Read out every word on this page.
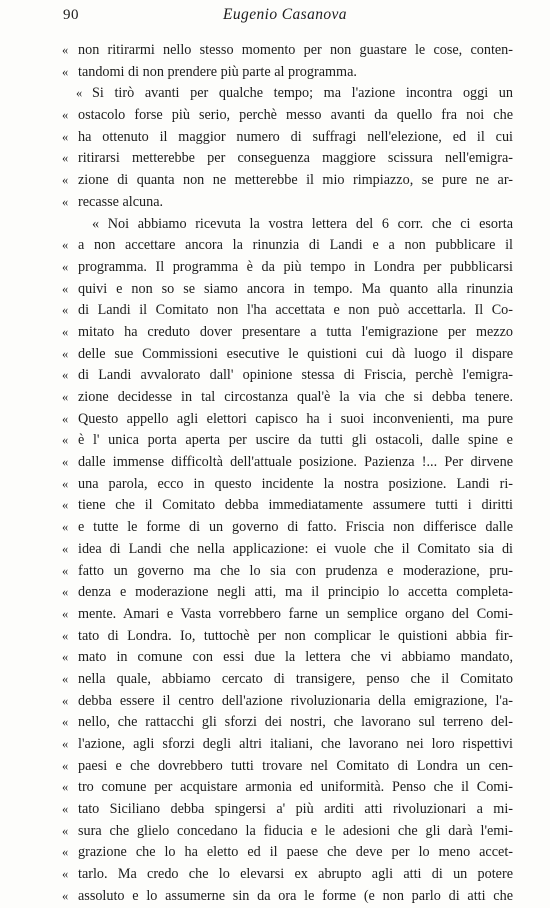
90	Eugenio Casanova
« non ritirarmi nello stesso momento per non guastare le cose, conten-
« tandomi di non prendere più parte al programma.
« Si tirò avanti per qualche tempo; ma l'azione incontra oggi un
« ostacolo forse più serio, perchè messo avanti da quello fra noi che
« ha ottenuto il maggior numero di suffragi nell'elezione, ed il cui
« ritirarsi metterebbe per conseguenza maggiore scissura nell'emigra-
« zione di quanta non ne metterebbe il mio rimpiazzo, se pure ne ar-
« recasse alcuna.
« Noi abbiamo ricevuta la vostra lettera del 6 corr. che ci esorta
« a non accettare ancora la rinunzia di Landi e a non pubblicare il
« programma. Il programma è da più tempo in Londra per pubblicarsi
« quivi e non so se siamo ancora in tempo. Ma quanto alla rinunzia
« di Landi il Comitato non l'ha accettata e non può accettarla. Il Co-
« mitato ha creduto dover presentare a tutta l'emigrazione per mezzo
« delle sue Commissioni esecutive le quistioni cui dà luogo il dispare
« di Landi avvalorato dall' opinione stessa di Friscia, perchè l'emigra-
« zione decidesse in tal circostanza qual'è la via che si debba tenere.
« Questo appello agli elettori capisco ha i suoi inconvenienti, ma pure
« è l' unica porta aperta per uscire da tutti gli ostacoli, dalle spine e
« dalle immense difficoltà dell'attuale posizione. Pazienza !... Per dirvene
« una parola, ecco in questo incidente la nostra posizione. Landi ri-
« tiene che il Comitato debba immediatamente assumere tutti i diritti
« e tutte le forme di un governo di fatto. Friscia non differisce dalle
« idea di Landi che nella applicazione: ei vuole che il Comitato sia di
« fatto un governo ma che lo sia con prudenza e moderazione, pru-
« denza e moderazione negli atti, ma il principio lo accetta completa-
« mente. Amari e Vasta vorrebbero farne un semplice organo del Comi-
« tato di Londra. Io, tuttochè per non complicar le quistioni abbia fir-
« mato in comune con essi due la lettera che vi abbiamo mandato,
« nella quale, abbiamo cercato di transigere, penso che il Comitato
« debba essere il centro dell'azione rivoluzionaria della emigrazione, l'a-
« nello, che rattacchi gli sforzi dei nostri, che lavorano sul terreno del-
« l'azione, agli sforzi degli altri italiani, che lavorano nei loro rispettivi
« paesi e che dovrebbero tutti trovare nel Comitato di Londra un cen-
« tro comune per acquistare armonia ed uniformità. Penso che il Comi-
« tato Siciliano debba spingersi a' più arditi atti rivoluzionari a mi-
« sura che glielo concedano la fiducia e le adesioni che gli darà l'emi-
« grazione che lo ha eletto ed il paese che deve per lo meno accet-
« tarlo. Ma credo che lo elevarsi ex abrupto agli atti di un potere
« assoluto e lo assumerne sin da ora le forme (e non parlo di atti che
